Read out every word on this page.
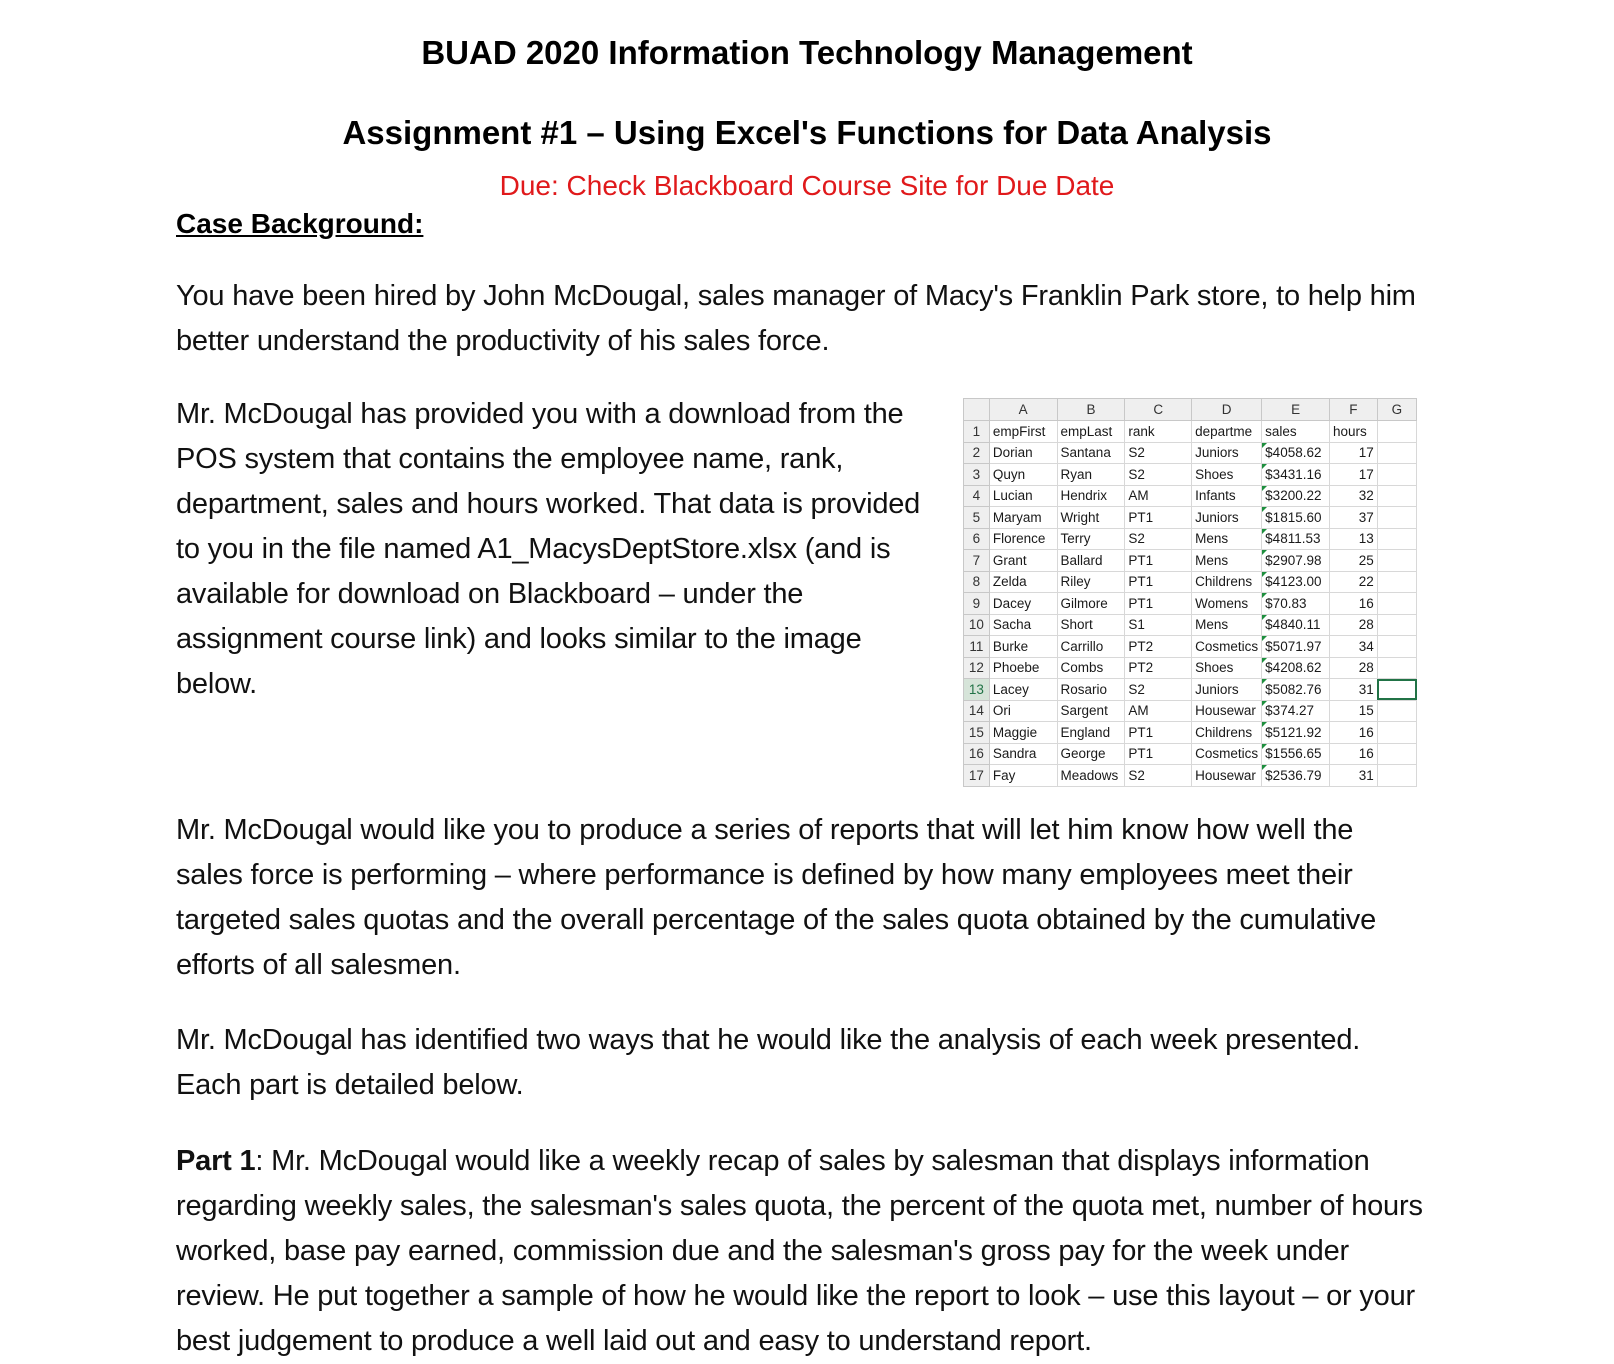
BUAD 2020 Information Technology Management
Assignment #1 – Using Excel's Functions for Data Analysis
Due: Check Blackboard Course Site for Due Date
Case Background:
You have been hired by John McDougal, sales manager of Macy's Franklin Park store, to help him better understand the productivity of his sales force.
Mr. McDougal has provided you with a download from the POS system that contains the employee name, rank, department, sales and hours worked. That data is provided to you in the file named A1_MacysDeptStore.xlsx (and is available for download on Blackboard – under the assignment course link) and looks similar to the image below.
	A	B	C	D	E	F	G
1	empFirst	empLast	rank	departme	sales	hours	
2	Dorian	Santana	S2	Juniors	$4058.62	17	
3	Quyn	Ryan	S2	Shoes	$3431.16	17	
4	Lucian	Hendrix	AM	Infants	$3200.22	32	
5	Maryam	Wright	PT1	Juniors	$1815.60	37	
6	Florence	Terry	S2	Mens	$4811.53	13	
7	Grant	Ballard	PT1	Mens	$2907.98	25	
8	Zelda	Riley	PT1	Childrens	$4123.00	22	
9	Dacey	Gilmore	PT1	Womens	$70.83	16	
10	Sacha	Short	S1	Mens	$4840.11	28	
11	Burke	Carrillo	PT2	Cosmetics	$5071.97	34	
12	Phoebe	Combs	PT2	Shoes	$4208.62	28	
13	Lacey	Rosario	S2	Juniors	$5082.76	31	
14	Ori	Sargent	AM	Housewar	$374.27	15	
15	Maggie	England	PT1	Childrens	$5121.92	16	
16	Sandra	George	PT1	Cosmetics	$1556.65	16	
17	Fay	Meadows	S2	Housewar	$2536.79	31	
Mr. McDougal would like you to produce a series of reports that will let him know how well the sales force is performing – where performance is defined by how many employees meet their targeted sales quotas and the overall percentage of the sales quota obtained by the cumulative efforts of all salesmen.
Mr. McDougal has identified two ways that he would like the analysis of each week presented. Each part is detailed below.
Part 1: Mr. McDougal would like a weekly recap of sales by salesman that displays information regarding weekly sales, the salesman's sales quota, the percent of the quota met, number of hours worked, base pay earned, commission due and the salesman's gross pay for the week under review. He put together a sample of how he would like the report to look – use this layout – or your best judgement to produce a well laid out and easy to understand report.
